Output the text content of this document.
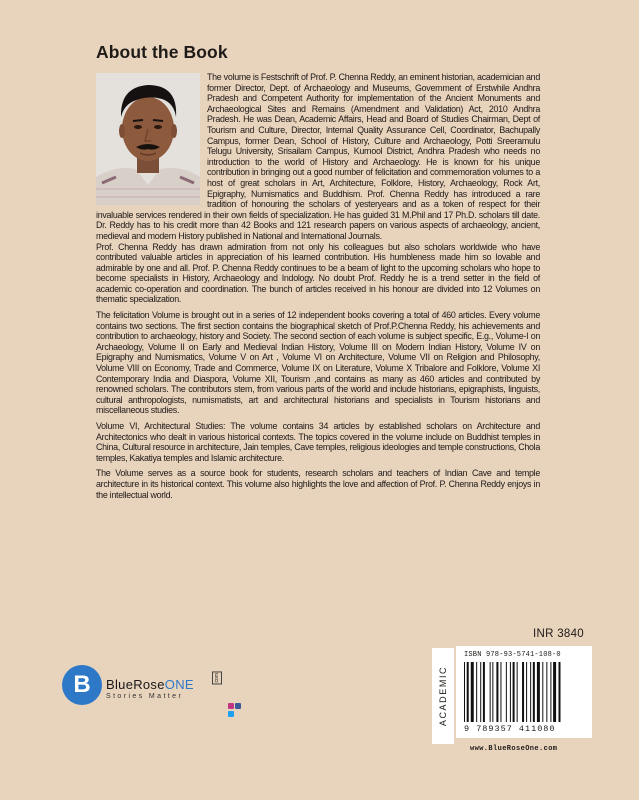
About the Book

The volume is Festschrift of Prof. P. Chenna Reddy, an eminent historian, academician and former Director, Dept. of Archaeology and Museums, Government of Erstwhile Andhra Pradesh and Competent Authority for implementation of the Ancient Monuments and Archaeological Sites and Remains (Amendment and Validation) Act, 2010 Andhra Pradesh. He was Dean, Academic Affairs, Head and Board of Studies Chairman, Dept of Tourism and Culture, Director, Internal Quality Assurance Cell, Coordinator, Bachupally Campus, former Dean, School of History, Culture and Archaeology, Potti Sreeramulu Telugu University, Srisailam Campus, Kurnool District, Andhra Pradesh who needs no introduction to the world of History and Archaeology. He is known for his unique contribution in bringing out a good number of felicitation and commemoration volumes to a host of great scholars in Art, Architecture, Folklore, History, Archaeology, Rock Art, Epigraphy, Numismatics and Buddhism. Prof. Chenna Reddy has introduced a rare tradition of honouring the scholars of yesteryears and as a token of respect for their invaluable services rendered in their own fields of specialization. He has guided 31 M.Phil and 17 Ph.D. scholars till date. Dr. Reddy has to his credit more than 42 Books and 121 research papers on various aspects of archaeology, ancient, medieval and modern History published in National and International Journals.

Prof. Chenna Reddy has drawn admiration from not only his colleagues but also scholars worldwide who have contributed valuable articles in appreciation of his learned contribution. His humbleness made him so lovable and admirable by one and all. Prof. P. Chenna Reddy continues to be a beam of light to the upcoming scholars who hope to become specialists in History, Archaeology and Indology. No doubt Prof. Reddy he is a trend setter in the field of academic co-operation and coordination. The bunch of articles received in his honour are divided into 12 Volumes on thematic specialization.

The felicitation Volume is brought out in a series of 12 independent books covering a total of 460 articles. Every volume contains two sections. The first section contains the biographical sketch of Prof.P.Chenna Reddy, his achievements and contribution to archaeology, history and Society. The second section of each volume is subject specific, E.g., Volume-I on Archaeology, Volume II on Early and Medieval Indian History, Volume III on Modern Indian History, Volume IV on Epigraphy and Numismatics, Volume V on Art , Volume VI on Architecture, Volume VII on Religion and Philosophy, Volume VIII on Economy, Trade and Commerce, Volume IX on Literature, Volume X Tribalore and Folklore, Volume XI Contemporary India and Diaspora, Volume XII, Tourism ,and contains as many as 460 articles and contributed by renowned scholars. The contributors stem, from various parts of the world and include historians, epigraphists, linguists, cultural anthropologists, numismatists, art and architectural historians and specialists in Tourism historians and miscellaneous studies.

Volume VI, Architectural Studies: The volume contains 34 articles by established scholars on Architecture and Architectonics who dealt in various historical contexts. The topics covered in the volume include on Buddhist temples in China, Cultural resource in architecture, Jain temples, Cave temples, religious ideologies and temple constructions, Chola temples, Kakatiya temples and Islamic architecture.

The Volume serves as a source book for students, research scholars and teachers of Indian Cave and temple architecture in its historical context. This volume also highlights the love and affection of Prof. P. Chenna Reddy enjoys in the intellectual world.

INR 3840
ACADEMIC
ISBN 978-93-5741-108-0
9 789357 411080
www.BlueRoseOne.com
B	BlueRoseONE
Stories Matter
com
